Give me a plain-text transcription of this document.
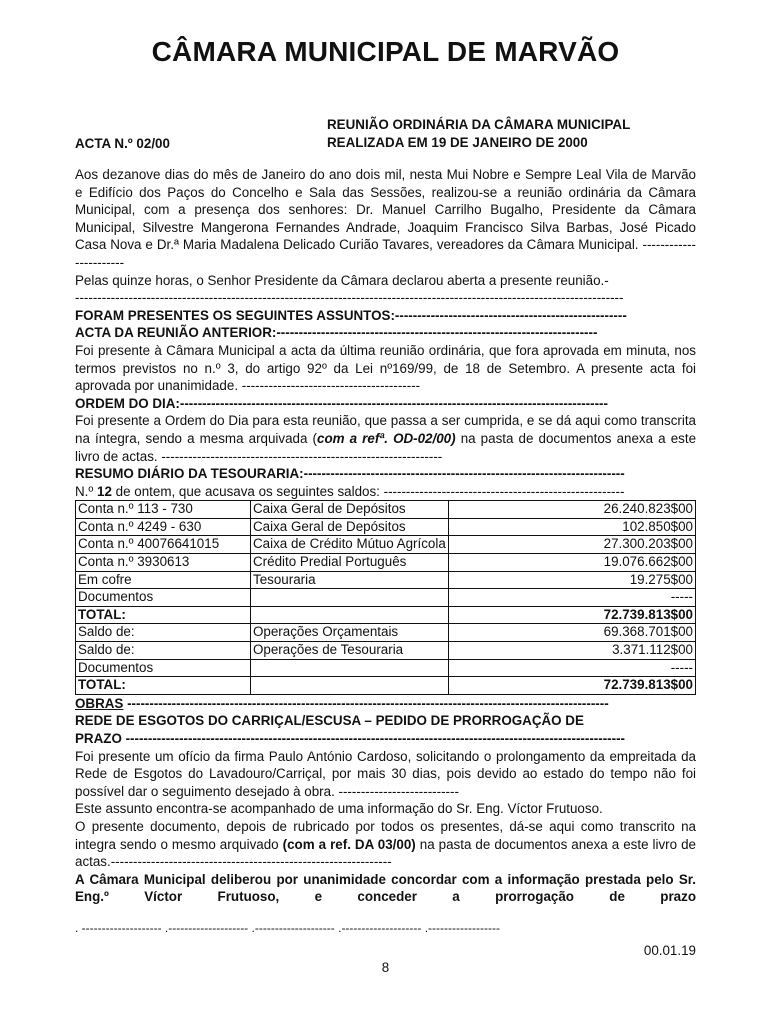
CÂMARA MUNICIPAL DE MARVÃO
ACTA N.º 02/00
REUNIÃO ORDINÁRIA DA CÂMARA MUNICIPAL
REALIZADA EM 19 DE JANEIRO DE 2000

Aos dezanove dias do mês de Janeiro do ano dois mil, nesta Mui Nobre e Sempre Leal Vila de Marvão e Edifício dos Paços do Concelho e Sala das Sessões, realizou-se a reunião ordinária da Câmara Municipal, com a presença dos senhores: Dr. Manuel Carrilho Bugalho, Presidente da Câmara Municipal, Silvestre Mangerona Fernandes Andrade, Joaquim Francisco Silva Barbas, José Picado Casa Nova e Dr.ª Maria Madalena Delicado Curião Tavares, vereadores da Câmara Municipal. -----------------------

Pelas quinze horas, o Senhor Presidente da Câmara declarou aberta a presente reunião.-

---------------------------------------------------------------------------------------------------------------------------

FORAM PRESENTES OS SEGUINTES ASSUNTOS:----------------------------------------------------

ACTA DA REUNIÃO ANTERIOR:------------------------------------------------------------------------

Foi presente à Câmara Municipal a acta da última reunião ordinária, que fora aprovada em minuta, nos termos previstos no n.º 3, do artigo 92º da Lei nº169/99, de 18 de Setembro. A presente acta foi aprovada por unanimidade. ----------------------------------------

ORDEM DO DIA:------------------------------------------------------------------------------------------------

Foi presente a Ordem do Dia para esta reunião, que passa a ser cumprida, e se dá aqui como transcrita na íntegra, sendo a mesma arquivada (com a refª. OD-02/00) na pasta de documentos anexa a este livro de actas. ---------------------------------------------------------------

RESUMO DIÁRIO DA TESOURARIA:------------------------------------------------------------------------

N.º 12 de ontem, que acusava os seguintes saldos: ------------------------------------------------------

Conta n.º 113 - 730	Caixa Geral de Depósitos	26.240.823$00
Conta n.º 4249 - 630	Caixa Geral de Depósitos	102.850$00
Conta n.º 40076641015	Caixa de Crédito Mútuo Agrícola	27.300.203$00
Conta n.º 3930613	Crédito Predial Português	19.076.662$00
Em cofre	Tesouraria	19.275$00
Documentos		-----
TOTAL:		72.739.813$00
Saldo de:	Operações Orçamentais	69.368.701$00
Saldo de:	Operações de Tesouraria	3.371.112$00
Documentos		-----
TOTAL:		72.739.813$00

OBRAS ------------------------------------------------------------------------------------------------------------

REDE DE ESGOTOS DO CARRIÇAL/ESCUSA – PEDIDO DE PRORROGAÇÃO DE

PRAZO ----------------------------------------------------------------------------------------------------------------

Foi presente um ofício da firma Paulo António Cardoso, solicitando o prolongamento da empreitada da Rede de Esgotos do Lavadouro/Carriçal, por mais 30 dias, pois devido ao estado do tempo não foi possível dar o seguimento desejado à obra. ---------------------------

Este assunto encontra-se acompanhado de uma informação do Sr. Eng. Víctor Frutuoso.

O presente documento, depois de rubricado por todos os presentes, dá-se aqui como transcrito na integra sendo o mesmo arquivado (com a ref. DA 03/00) na pasta de documentos anexa a este livro de actas.---------------------------------------------------------------

A Câmara Municipal deliberou por unanimidade concordar com a informação prestada pelo Sr. Eng.º Víctor Frutuoso, e conceder a prorrogação de prazo

. -------------------- .-------------------- .-------------------- .-------------------- .------------------
00.01.19
8
